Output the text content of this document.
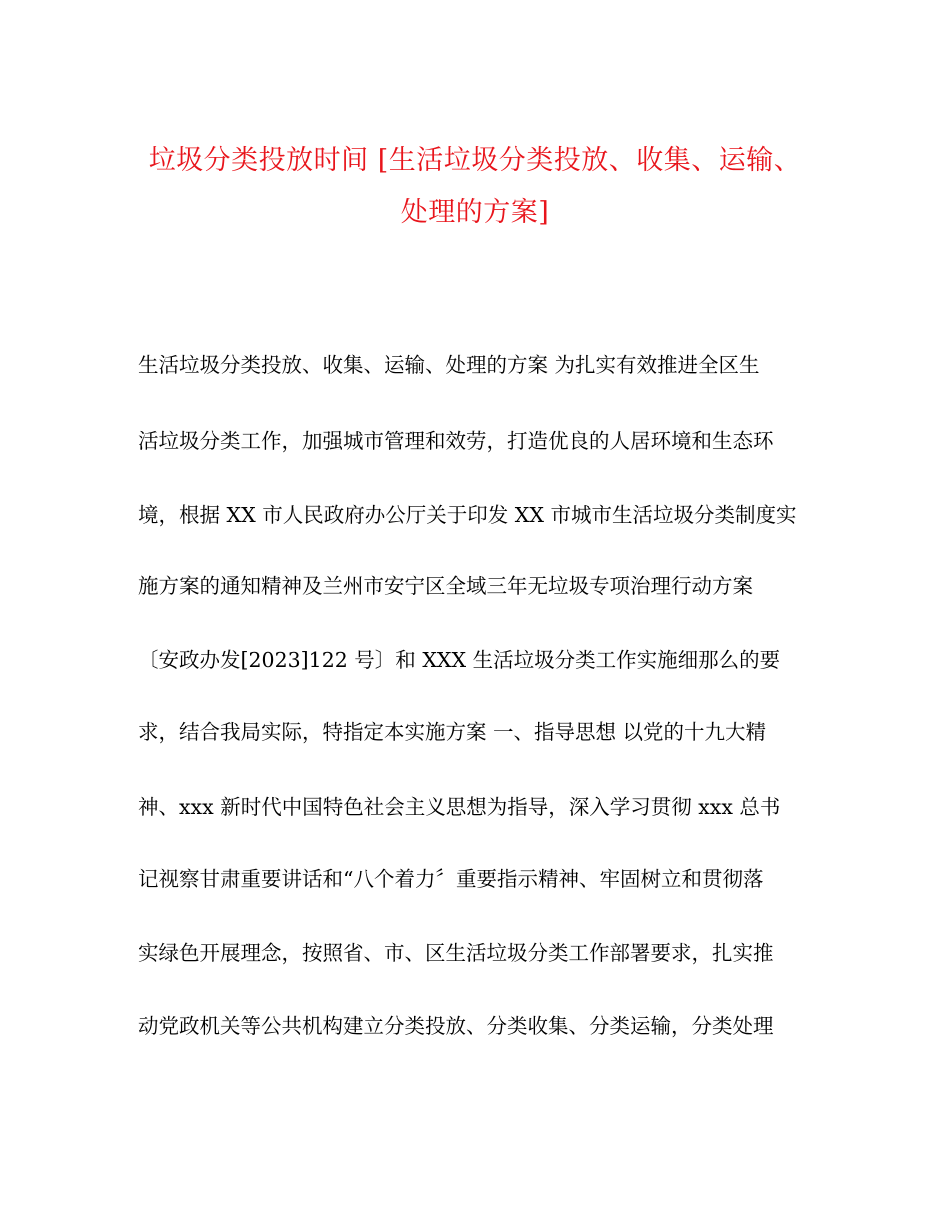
垃圾分类投放时间 [生活垃圾分类投放、收集、运输、
处理的方案]
生活垃圾分类投放、收集、运输、处理的方案 为扎实有效推进全区生
活垃圾分类工作，加强城市管理和效劳，打造优良的人居环境和生态环
境，根据 XX 市人民政府办公厅关于印发 XX 市城市生活垃圾分类制度实
施方案的通知精神及兰州市安宁区全域三年无垃圾专项治理行动方案
〔安政办发[2023]122 号〕和 XXX 生活垃圾分类工作实施细那么的要
求，结合我局实际，特指定本实施方案 一、指导思想 以党的十九大精
神、xxx 新时代中国特色社会主义思想为指导，深入学习贯彻 xxx 总书
记视察甘肃重要讲话和“八个着力〞重要指示精神、牢固树立和贯彻落
实绿色开展理念，按照省、市、区生活垃圾分类工作部署要求，扎实推
动党政机关等公共机构建立分类投放、分类收集、分类运输，分类处理
